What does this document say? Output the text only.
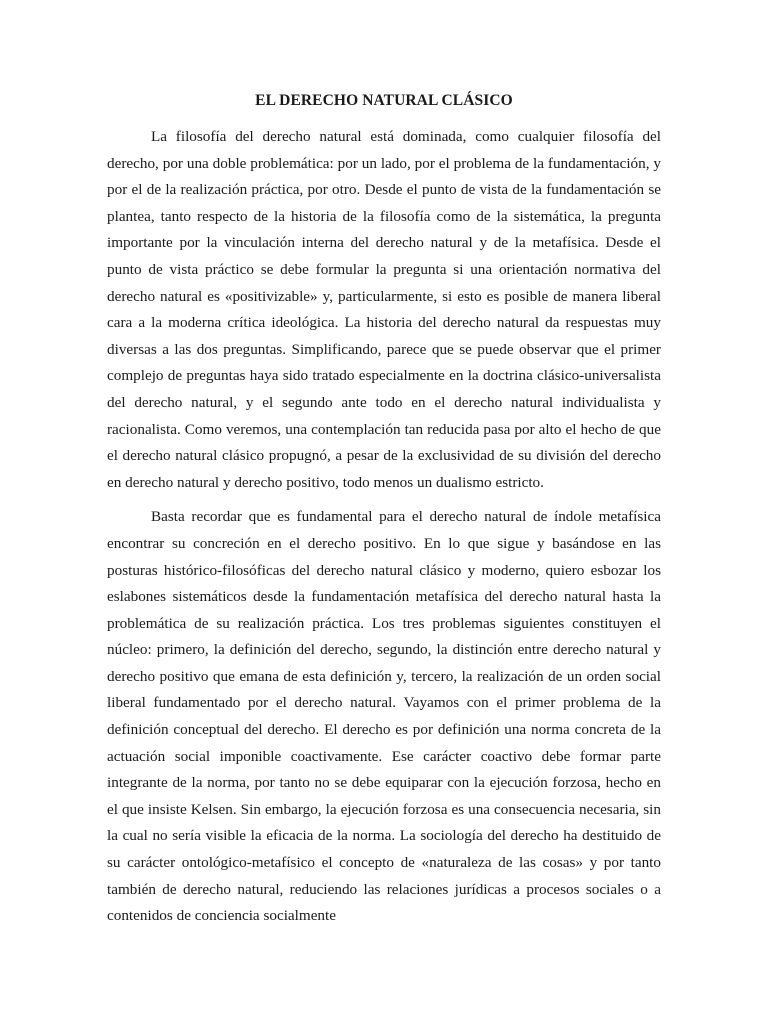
EL DERECHO NATURAL CLÁSICO

La filosofía del derecho natural está dominada, como cualquier filosofía del derecho, por una doble problemática: por un lado, por el problema de la fundamentación, y por el de la realización práctica, por otro. Desde el punto de vista de la fundamentación se plantea, tanto respecto de la historia de la filosofía como de la sistemática, la pregunta importante por la vinculación interna del derecho natural y de la metafísica. Desde el punto de vista práctico se debe formular la pregunta si una orientación normativa del derecho natural es «positivizable» y, particularmente, si esto es posible de manera liberal cara a la moderna crítica ideológica. La historia del derecho natural da respuestas muy diversas a las dos preguntas. Simplificando, parece que se puede observar que el primer complejo de preguntas haya sido tratado especialmente en la doctrina clásico-universalista del derecho natural, y el segundo ante todo en el derecho natural individualista y racionalista. Como veremos, una contemplación tan reducida pasa por alto el hecho de que el derecho natural clásico propugnó, a pesar de la exclusividad de su división del derecho en derecho natural y derecho positivo, todo menos un dualismo estricto.

Basta recordar que es fundamental para el derecho natural de índole metafísica encontrar su concreción en el derecho positivo. En lo que sigue y basándose en las posturas histórico-filosóficas del derecho natural clásico y moderno, quiero esbozar los eslabones sistemáticos desde la fundamentación metafísica del derecho natural hasta la problemática de su realización práctica. Los tres problemas siguientes constituyen el núcleo: primero, la definición del derecho, segundo, la distinción entre derecho natural y derecho positivo que emana de esta definición y, tercero, la realización de un orden social liberal fundamentado por el derecho natural. Vayamos con el primer problema de la definición conceptual del derecho. El derecho es por definición una norma concreta de la actuación social imponible coactivamente. Ese carácter coactivo debe formar parte integrante de la norma, por tanto no se debe equiparar con la ejecución forzosa, hecho en el que insiste Kelsen. Sin embargo, la ejecución forzosa es una consecuencia necesaria, sin la cual no sería visible la eficacia de la norma. La sociología del derecho ha destituido de su carácter ontológico-metafísico el concepto de «naturaleza de las cosas» y por tanto también de derecho natural, reduciendo las relaciones jurídicas a procesos sociales o a contenidos de conciencia socialmente
